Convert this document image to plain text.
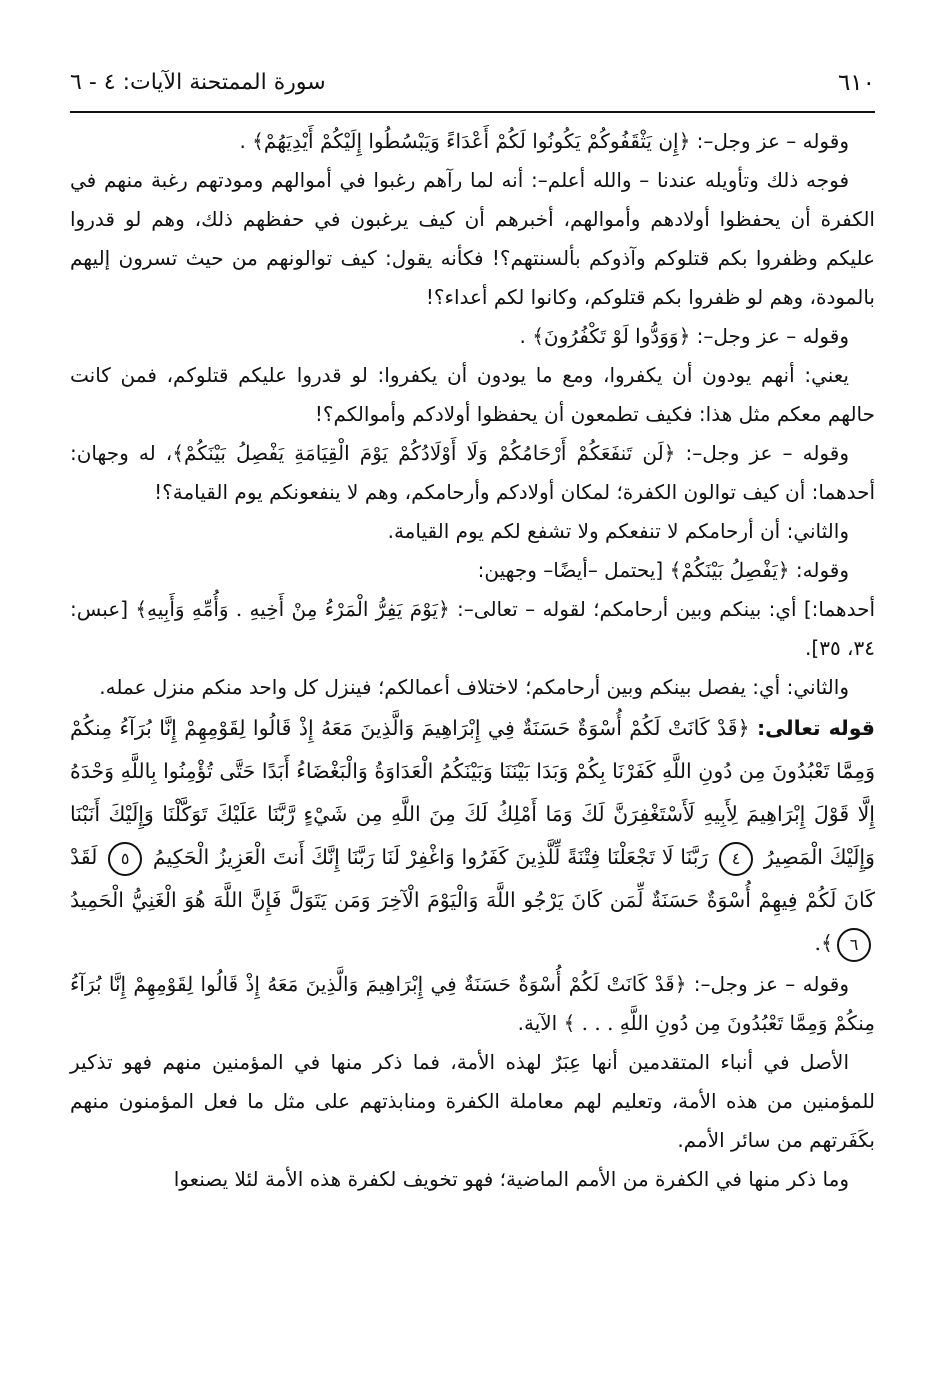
٦١٠
سورة الممتحنة الآيات: ٤ - ٦

وقوله – عز وجل–: ﴿إِن يَثْقَفُوكُمْ يَكُونُوا لَكُمْ أَعْدَاءً وَيَبْسُطُوا إِلَيْكُمْ أَيْدِيَهُمْ﴾ .

فوجه ذلك وتأويله عندنا – والله أعلم–: أنه لما رآهم رغبوا في أموالهم ومودتهم رغبة منهم في الكفرة أن يحفظوا أولادهم وأموالهم، أخبرهم أن كيف يرغبون في حفظهم ذلك، وهم لو قدروا عليكم وظفروا بكم قتلوكم وآذوكم بألسنتهم؟! فكأنه يقول: كيف توالونهم من حيث تسرون إليهم بالمودة، وهم لو ظفروا بكم قتلوكم، وكانوا لكم أعداء؟!

وقوله – عز وجل–: ﴿وَوَدُّوا لَوْ تَكْفُرُونَ﴾ .

يعني: أنهم يودون أن يكفروا، ومع ما يودون أن يكفروا: لو قدروا عليكم قتلوكم، فمن كانت حالهم معكم مثل هذا: فكيف تطمعون أن يحفظوا أولادكم وأموالكم؟!

وقوله – عز وجل–: ﴿لَن تَنفَعَكُمْ أَرْحَامُكُمْ وَلَا أَوْلَادُكُمْ يَوْمَ الْقِيَامَةِ يَفْصِلُ بَيْنَكُمْ﴾، له وجهان: أحدهما: أن كيف توالون الكفرة؛ لمكان أولادكم وأرحامكم، وهم لا ينفعونكم يوم القيامة؟!

والثاني: أن أرحامكم لا تنفعكم ولا تشفع لكم يوم القيامة.

وقوله: ﴿يَفْصِلُ بَيْنَكُمْ﴾ [يحتمل –أيضًا– وجهين:

أحدهما:] أي: بينكم وبين أرحامكم؛ لقوله – تعالى–: ﴿يَوْمَ يَفِرُّ الْمَرْءُ مِنْ أَخِيهِ . وَأُمِّهِ وَأَبِيهِ﴾ [عبس: ٣٤، ٣٥].

والثاني: أي: يفصل بينكم وبين أرحامكم؛ لاختلاف أعمالكم؛ فينزل كل واحد منكم منزل عمله.

قوله تعالى: ﴿قَدْ كَانَتْ لَكُمْ أُسْوَةٌ حَسَنَةٌ فِي إِبْرَاهِيمَ وَالَّذِينَ مَعَهُ إِذْ قَالُوا لِقَوْمِهِمْ إِنَّا بُرَآءُ مِنكُمْ وَمِمَّا تَعْبُدُونَ مِن دُونِ اللَّهِ كَفَرْنَا بِكُمْ وَبَدَا بَيْنَنَا وَبَيْنَكُمُ الْعَدَاوَةُ وَالْبَغْضَاءُ أَبَدًا حَتَّى تُؤْمِنُوا بِاللَّهِ وَحْدَهُ إِلَّا قَوْلَ إِبْرَاهِيمَ لِأَبِيهِ لَأَسْتَغْفِرَنَّ لَكَ وَمَا أَمْلِكُ لَكَ مِنَ اللَّهِ مِن شَيْءٍ رَّبَّنَا عَلَيْكَ تَوَكَّلْنَا وَإِلَيْكَ أَنَبْنَا وَإِلَيْكَ الْمَصِيرُ ٤ رَبَّنَا لَا تَجْعَلْنَا فِتْنَةً لِّلَّذِينَ كَفَرُوا وَاغْفِرْ لَنَا رَبَّنَا إِنَّكَ أَنتَ الْعَزِيزُ الْحَكِيمُ ٥ لَقَدْ كَانَ لَكُمْ فِيهِمْ أُسْوَةٌ حَسَنَةٌ لِّمَن كَانَ يَرْجُو اللَّهَ وَالْيَوْمَ الْآخِرَ وَمَن يَتَوَلَّ فَإِنَّ اللَّهَ هُوَ الْغَنِيُّ الْحَمِيدُ ٦﴾.

وقوله – عز وجل–: ﴿قَدْ كَانَتْ لَكُمْ أُسْوَةٌ حَسَنَةٌ فِي إِبْرَاهِيمَ وَالَّذِينَ مَعَهُ إِذْ قَالُوا لِقَوْمِهِمْ إِنَّا بُرَآءُ مِنكُمْ وَمِمَّا تَعْبُدُونَ مِن دُونِ اللَّهِ . . . ﴾ الآية.

الأصل في أنباء المتقدمين أنها عِبَرٌ لهذه الأمة، فما ذكر منها في المؤمنين منهم فهو تذكير للمؤمنين من هذه الأمة، وتعليم لهم معاملة الكفرة ومنابذتهم على مثل ما فعل المؤمنون منهم بكَفَرتهم من سائر الأمم.

وما ذكر منها في الكفرة من الأمم الماضية؛ فهو تخويف لكفرة هذه الأمة لئلا يصنعوا
